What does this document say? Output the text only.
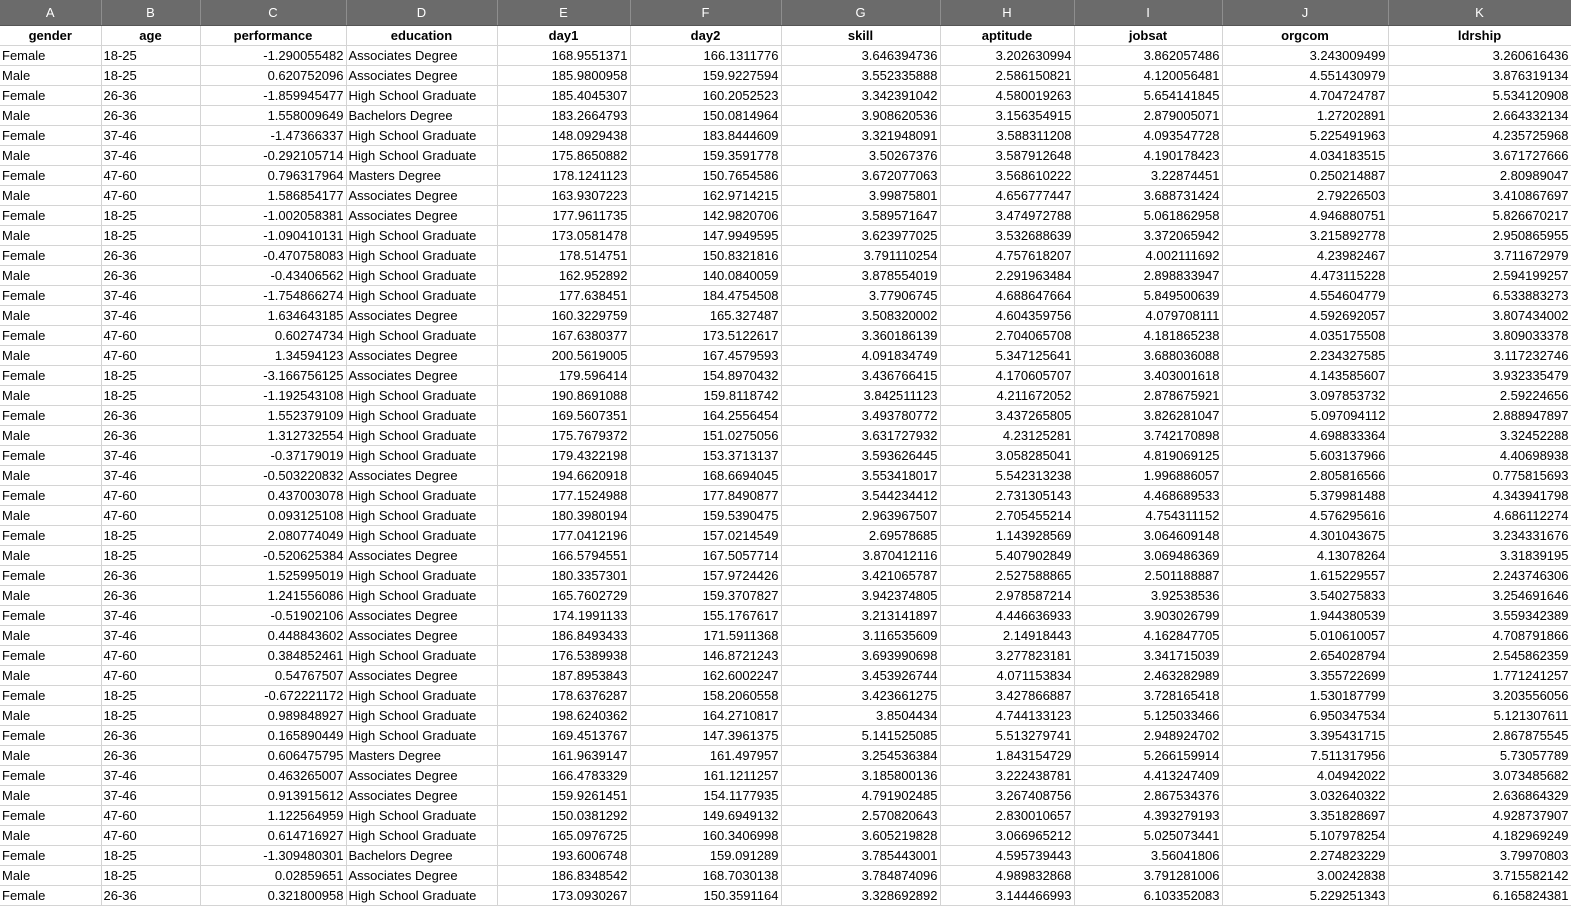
A	B	C	D	E	F	G	H	I	J	K
gender	age	performance	education	day1	day2	skill	aptitude	jobsat	orgcom	ldrship
Female	18-25	-1.290055482	Associates Degree	168.9551371	166.1311776	3.646394736	3.202630994	3.862057486	3.243009499	3.260616436
Male	18-25	0.620752096	Associates Degree	185.9800958	159.9227594	3.552335888	2.586150821	4.120056481	4.551430979	3.876319134
Female	26-36	-1.859945477	High School Graduate	185.4045307	160.2052523	3.342391042	4.580019263	5.654141845	4.704724787	5.534120908
Male	26-36	1.558009649	Bachelors Degree	183.2664793	150.0814964	3.908620536	3.156354915	2.879005071	1.27202891	2.664332134
Female	37-46	-1.47366337	High School Graduate	148.0929438	183.8444609	3.321948091	3.588311208	4.093547728	5.225491963	4.235725968
Male	37-46	-0.292105714	High School Graduate	175.8650882	159.3591778	3.50267376	3.587912648	4.190178423	4.034183515	3.671727666
Female	47-60	0.796317964	Masters Degree	178.1241123	150.7654586	3.672077063	3.568610222	3.22874451	0.250214887	2.80989047
Male	47-60	1.586854177	Associates Degree	163.9307223	162.9714215	3.99875801	4.656777447	3.688731424	2.79226503	3.410867697
Female	18-25	-1.002058381	Associates Degree	177.9611735	142.9820706	3.589571647	3.474972788	5.061862958	4.946880751	5.826670217
Male	18-25	-1.090410131	High School Graduate	173.0581478	147.9949595	3.623977025	3.532688639	3.372065942	3.215892778	2.950865955
Female	26-36	-0.470758083	High School Graduate	178.514751	150.8321816	3.791110254	4.757618207	4.002111692	4.23982467	3.711672979
Male	26-36	-0.43406562	High School Graduate	162.952892	140.0840059	3.878554019	2.291963484	2.898833947	4.473115228	2.594199257
Female	37-46	-1.754866274	High School Graduate	177.638451	184.4754508	3.77906745	4.688647664	5.849500639	4.554604779	6.533883273
Male	37-46	1.634643185	Associates Degree	160.3229759	165.327487	3.508320002	4.604359756	4.079708111	4.592692057	3.807434002
Female	47-60	0.60274734	High School Graduate	167.6380377	173.5122617	3.360186139	2.704065708	4.181865238	4.035175508	3.809033378
Male	47-60	1.34594123	Associates Degree	200.5619005	167.4579593	4.091834749	5.347125641	3.688036088	2.234327585	3.117232746
Female	18-25	-3.166756125	Associates Degree	179.596414	154.8970432	3.436766415	4.170605707	3.403001618	4.143585607	3.932335479
Male	18-25	-1.192543108	High School Graduate	190.8691088	159.8118742	3.842511123	4.211672052	2.878675921	3.097853732	2.59224656
Female	26-36	1.552379109	High School Graduate	169.5607351	164.2556454	3.493780772	3.437265805	3.826281047	5.097094112	2.888947897
Male	26-36	1.312732554	High School Graduate	175.7679372	151.0275056	3.631727932	4.23125281	3.742170898	4.698833364	3.32452288
Female	37-46	-0.37179019	High School Graduate	179.4322198	153.3713137	3.593626445	3.058285041	4.819069125	5.603137966	4.40698938
Male	37-46	-0.503220832	Associates Degree	194.6620918	168.6694045	3.553418017	5.542313238	1.996886057	2.805816566	0.775815693
Female	47-60	0.437003078	High School Graduate	177.1524988	177.8490877	3.544234412	2.731305143	4.468689533	5.379981488	4.343941798
Male	47-60	0.093125108	High School Graduate	180.3980194	159.5390475	2.963967507	2.705455214	4.754311152	4.576295616	4.686112274
Female	18-25	2.080774049	High School Graduate	177.0412196	157.0214549	2.69578685	1.143928569	3.064609148	4.301043675	3.234331676
Male	18-25	-0.520625384	Associates Degree	166.5794551	167.5057714	3.870412116	5.407902849	3.069486369	4.13078264	3.31839195
Female	26-36	1.525995019	High School Graduate	180.3357301	157.9724426	3.421065787	2.527588865	2.501188887	1.615229557	2.243746306
Male	26-36	1.241556086	High School Graduate	165.7602729	159.3707827	3.942374805	2.978587214	3.92538536	3.540275833	3.254691646
Female	37-46	-0.51902106	Associates Degree	174.1991133	155.1767617	3.213141897	4.446636933	3.903026799	1.944380539	3.559342389
Male	37-46	0.448843602	Associates Degree	186.8493433	171.5911368	3.116535609	2.14918443	4.162847705	5.010610057	4.708791866
Female	47-60	0.384852461	High School Graduate	176.5389938	146.8721243	3.693990698	3.277823181	3.341715039	2.654028794	2.545862359
Male	47-60	0.54767507	Associates Degree	187.8953843	162.6002247	3.453926744	4.071153834	2.463282989	3.355722699	1.771241257
Female	18-25	-0.672221172	High School Graduate	178.6376287	158.2060558	3.423661275	3.427866887	3.728165418	1.530187799	3.203556056
Male	18-25	0.989848927	High School Graduate	198.6240362	164.2710817	3.8504434	4.744133123	5.125033466	6.950347534	5.121307611
Female	26-36	0.165890449	High School Graduate	169.4513767	147.3961375	5.141525085	5.513279741	2.948924702	3.395431715	2.867875545
Male	26-36	0.606475795	Masters Degree	161.9639147	161.497957	3.254536384	1.843154729	5.266159914	7.511317956	5.73057789
Female	37-46	0.463265007	Associates Degree	166.4783329	161.1211257	3.185800136	3.222438781	4.413247409	4.04942022	3.073485682
Male	37-46	0.913915612	Associates Degree	159.9261451	154.1177935	4.791902485	3.267408756	2.867534376	3.032640322	2.636864329
Female	47-60	1.122564959	High School Graduate	150.0381292	149.6949132	2.570820643	2.830010657	4.393279193	3.351828697	4.928737907
Male	47-60	0.614716927	High School Graduate	165.0976725	160.3406998	3.605219828	3.066965212	5.025073441	5.107978254	4.182969249
Female	18-25	-1.309480301	Bachelors Degree	193.6006748	159.091289	3.785443001	4.595739443	3.56041806	2.274823229	3.79970803
Male	18-25	0.02859651	Associates Degree	186.8348542	168.7030138	3.784874096	4.989832868	3.791281006	3.00242838	3.715582142
Female	26-36	0.321800958	High School Graduate	173.0930267	150.3591164	3.328692892	3.144466993	6.103352083	5.229251343	6.165824381
